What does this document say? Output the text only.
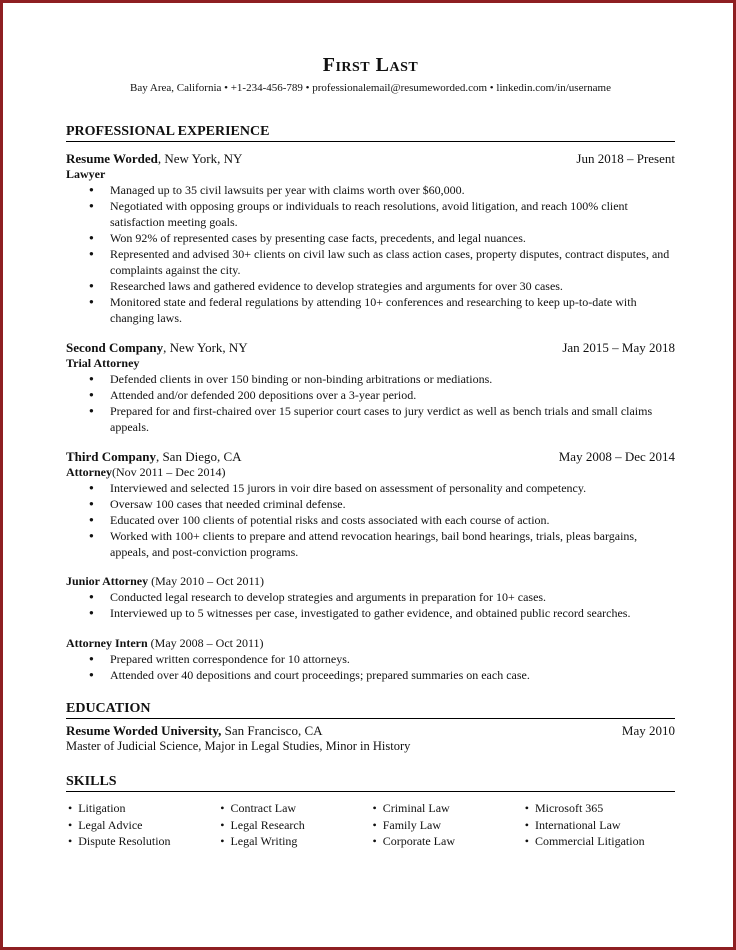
First Last
Bay Area, California • +1-234-456-789 • professionalemail@resumeworded.com • linkedin.com/in/username
PROFESSIONAL EXPERIENCE
Resume Worded, New York, NY	Jun 2018 – Present
Lawyer
● Managed up to 35 civil lawsuits per year with claims worth over $60,000.
● Negotiated with opposing groups or individuals to reach resolutions, avoid litigation, and reach 100% client satisfaction meeting goals.
● Won 92% of represented cases by presenting case facts, precedents, and legal nuances.
● Represented and advised 30+ clients on civil law such as class action cases, property disputes, contract disputes, and complaints against the city.
● Researched laws and gathered evidence to develop strategies and arguments for over 30 cases.
● Monitored state and federal regulations by attending 10+ conferences and researching to keep up-to-date with changing laws.
Second Company, New York, NY	Jan 2015 – May 2018
Trial Attorney
● Defended clients in over 150 binding or non-binding arbitrations or mediations.
● Attended and/or defended 200 depositions over a 3-year period.
● Prepared for and first-chaired over 15 superior court cases to jury verdict as well as bench trials and small claims appeals.
Third Company, San Diego, CA	May 2008 – Dec 2014
Attorney(Nov 2011 – Dec 2014)
● Interviewed and selected 15 jurors in voir dire based on assessment of personality and competency.
● Oversaw 100 cases that needed criminal defense.
● Educated over 100 clients of potential risks and costs associated with each course of action.
● Worked with 100+ clients to prepare and attend revocation hearings, bail bond hearings, trials, pleas bargains, appeals, and post-conviction programs.
Junior Attorney (May 2010 – Oct 2011)
● Conducted legal research to develop strategies and arguments in preparation for 10+ cases.
● Interviewed up to 5 witnesses per case, investigated to gather evidence, and obtained public record searches.
Attorney Intern (May 2008 – Oct 2011)
● Prepared written correspondence for 10 attorneys.
● Attended over 40 depositions and court proceedings; prepared summaries on each case.
EDUCATION
Resume Worded University, San Francisco, CA	May 2010
Master of Judicial Science, Major in Legal Studies, Minor in History
SKILLS
• Litigation
• Legal Advice
• Dispute Resolution
• Contract Law
• Legal Research
• Legal Writing
• Criminal Law
• Family Law
• Corporate Law
• Microsoft 365
• International Law
• Commercial Litigation
